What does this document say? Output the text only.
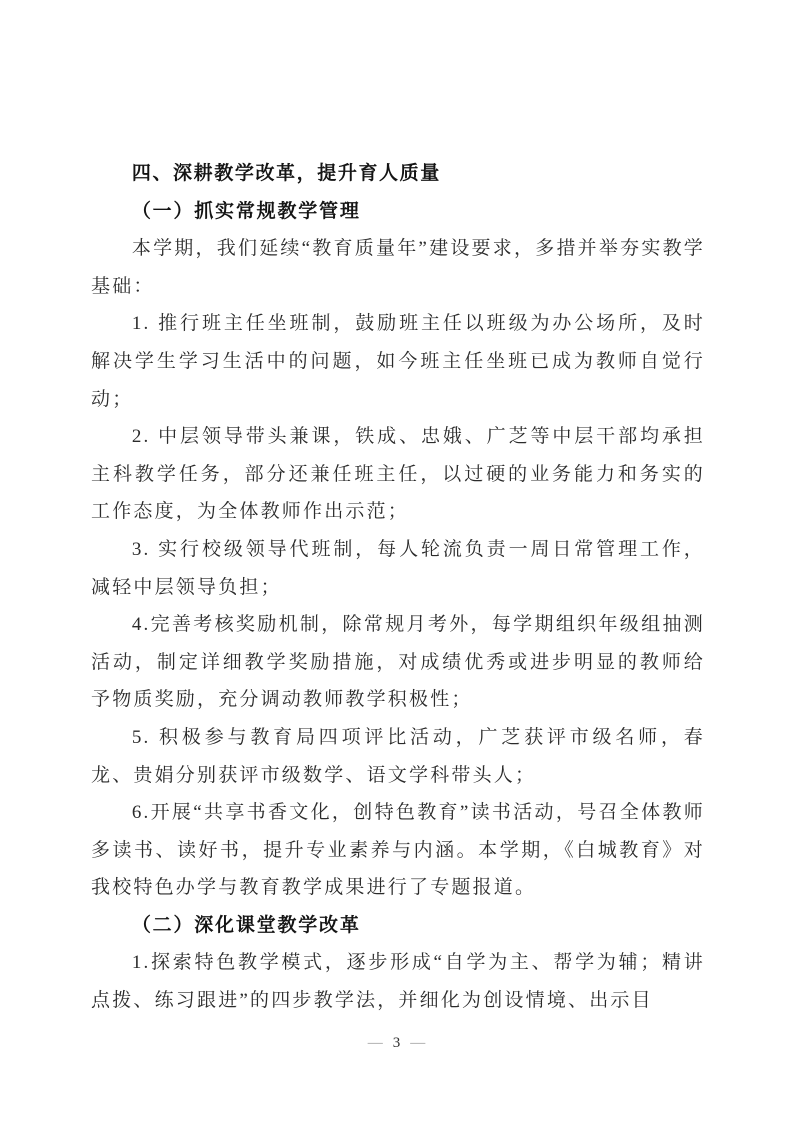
四、深耕教学改革，提升育人质量

（一）抓实常规教学管理

本学期，我们延续“教育质量年”建设要求，多措并举夯实教学基础：

1. 推行班主任坐班制，鼓励班主任以班级为办公场所，及时解决学生学习生活中的问题，如今班主任坐班已成为教师自觉行动；

2. 中层领导带头兼课，铁成、忠娥、广芝等中层干部均承担主科教学任务，部分还兼任班主任，以过硬的业务能力和务实的工作态度，为全体教师作出示范；

3. 实行校级领导代班制，每人轮流负责一周日常管理工作，减轻中层领导负担；

4.完善考核奖励机制，除常规月考外，每学期组织年级组抽测活动，制定详细教学奖励措施，对成绩优秀或进步明显的教师给予物质奖励，充分调动教师教学积极性；

5. 积极参与教育局四项评比活动，广芝获评市级名师，春龙、贵娟分别获评市级数学、语文学科带头人；

6.开展“共享书香文化，创特色教育”读书活动，号召全体教师多读书、读好书，提升专业素养与内涵。本学期，《白城教育》对我校特色办学与教育教学成果进行了专题报道。

（二）深化课堂教学改革

1.探索特色教学模式，逐步形成“自学为主、帮学为辅；精讲点拨、练习跟进”的四步教学法，并细化为创设情境、出示目

— 3 —
